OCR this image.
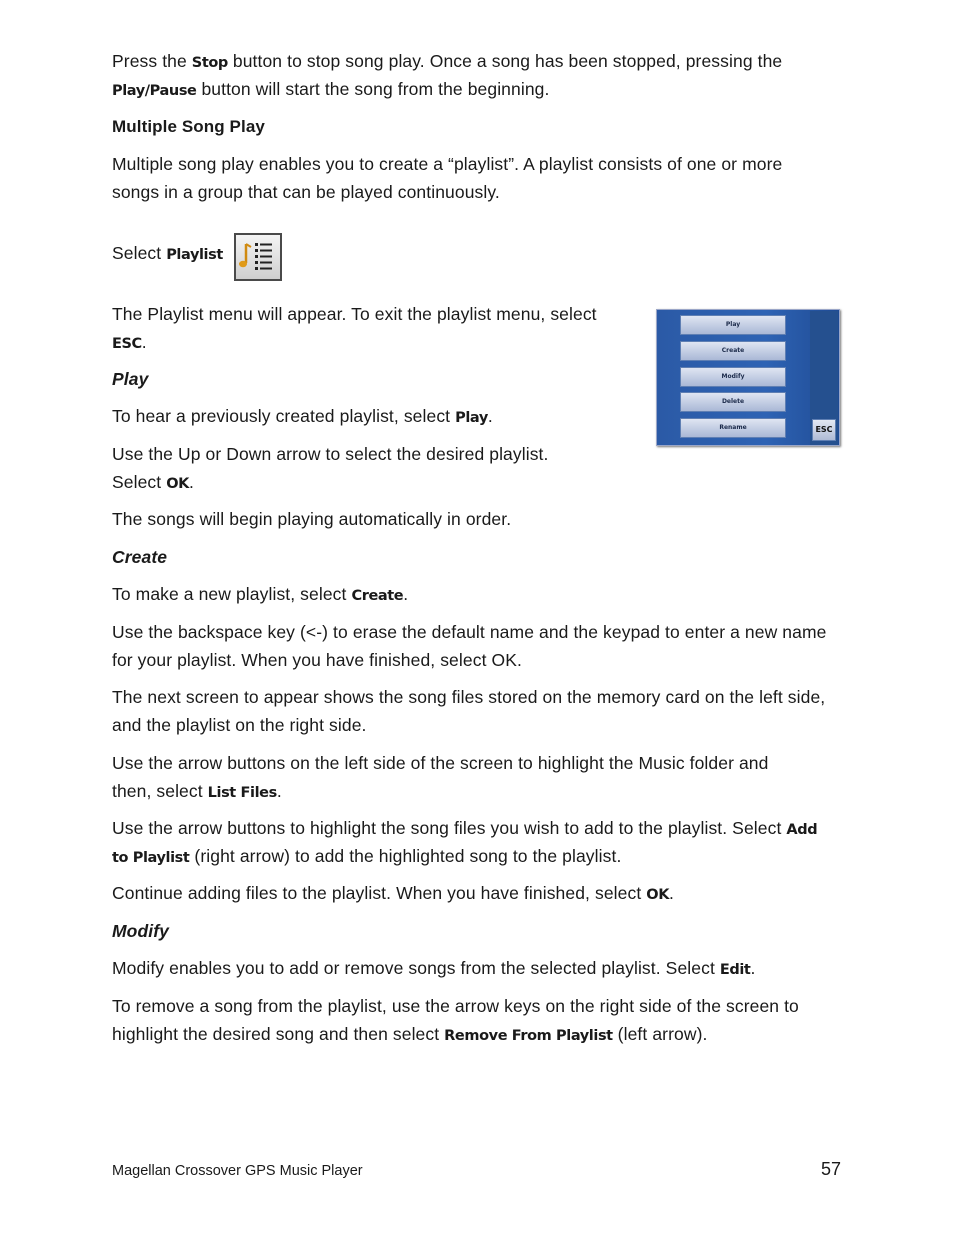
Press the Stop button to stop song play. Once a song has been stopped, pressing the

Play/Pause button will start the song from the beginning.

Multiple Song Play

Multiple song play enables you to create a “playlist”. A playlist consists of one or more

songs in a group that can be played continuously.

Select Playlist

The Playlist menu will appear. To exit the playlist menu, select

ESC.

Play
Create
Modify
Delete
Rename	ESC

Play

To hear a previously created playlist, select Play.

Use the Up or Down arrow to select the desired playlist.

Select OK.

The songs will begin playing automatically in order.

Create

To make a new playlist, select Create.

Use the backspace key (<-) to erase the default name and the keypad to enter a new name

for your playlist. When you have finished, select OK.

The next screen to appear shows the song files stored on the memory card on the left side,

and the playlist on the right side.

Use the arrow buttons on the left side of the screen to highlight the Music folder and

then, select List Files.

Use the arrow buttons to highlight the song files you wish to add to the playlist. Select Add

to Playlist (right arrow) to add the highlighted song to the playlist.

Continue adding files to the playlist. When you have finished, select OK.

Modify

Modify enables you to add or remove songs from the selected playlist. Select Edit.

To remove a song from the playlist, use the arrow keys on the right side of the screen to

highlight the desired song and then select Remove From Playlist (left arrow).

Magellan Crossover GPS Music Player	57
